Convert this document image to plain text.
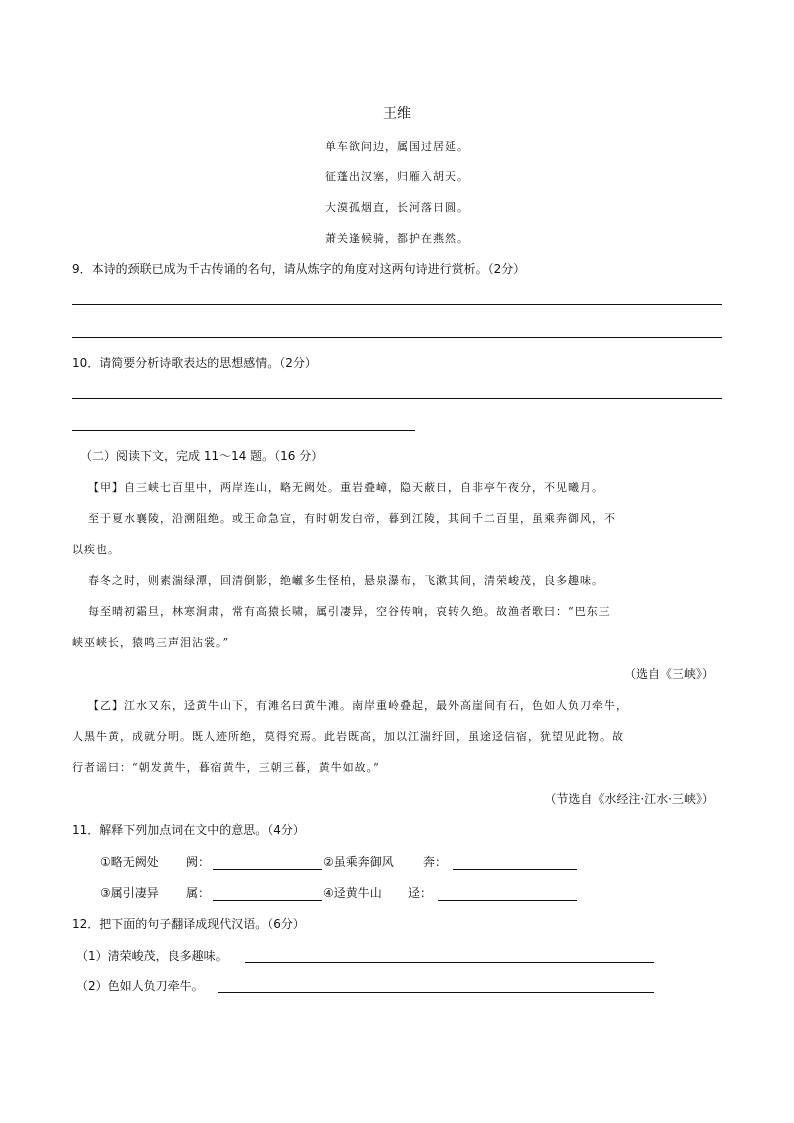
王维
单车欲问边，属国过居延。
征蓬出汉塞，归雁入胡天。
大漠孤烟直，长河落日圆。
萧关逢候骑，都护在燕然。
9．本诗的颈联已成为千古传诵的名句，请从炼字的角度对这两句诗进行赏析。（2分）
10．请简要分析诗歌表达的思想感情。（2分）
（二）阅读下文，完成 11～14 题。（16 分）
【甲】自三峡七百里中，两岸连山，略无阙处。重岩叠嶂，隐天蔽日，自非亭午夜分，不见曦月。
至于夏水襄陵，沿溯阻绝。或王命急宣，有时朝发白帝，暮到江陵，其间千二百里，虽乘奔御风，不
以疾也。
春冬之时，则素湍绿潭，回清倒影，绝𪩘多生怪柏，悬泉瀑布，飞漱其间，清荣峻茂，良多趣味。
每至晴初霜旦，林寒涧肃，常有高猿长啸，属引凄异，空谷传响，哀转久绝。故渔者歌曰：“巴东三
峡巫峡长，猿鸣三声泪沾裳。”
（选自《三峡》）
【乙】江水又东，迳黄牛山下，有滩名曰黄牛滩。南岸重岭叠起，最外高崖间有石，色如人负刀牵牛，
人黑牛黄，成就分明。既人迹所绝，莫得究焉。此岩既高，加以江湍纡回，虽途迳信宿，犹望见此物。故
行者谣曰：“朝发黄牛，暮宿黄牛，三朝三暮，黄牛如故。”
（节选自《水经注·江水·三峡》）
11．解释下列加点词在文中的意思。（4分）
①略无阙处 阙：	②虽乘奔御风 奔：
③属引凄异 属：	④迳黄牛山 迳：
12．把下面的句子翻译成现代汉语。（6分）
（1）清荣峻茂，良多趣味。
（2）色如人负刀牵牛。
